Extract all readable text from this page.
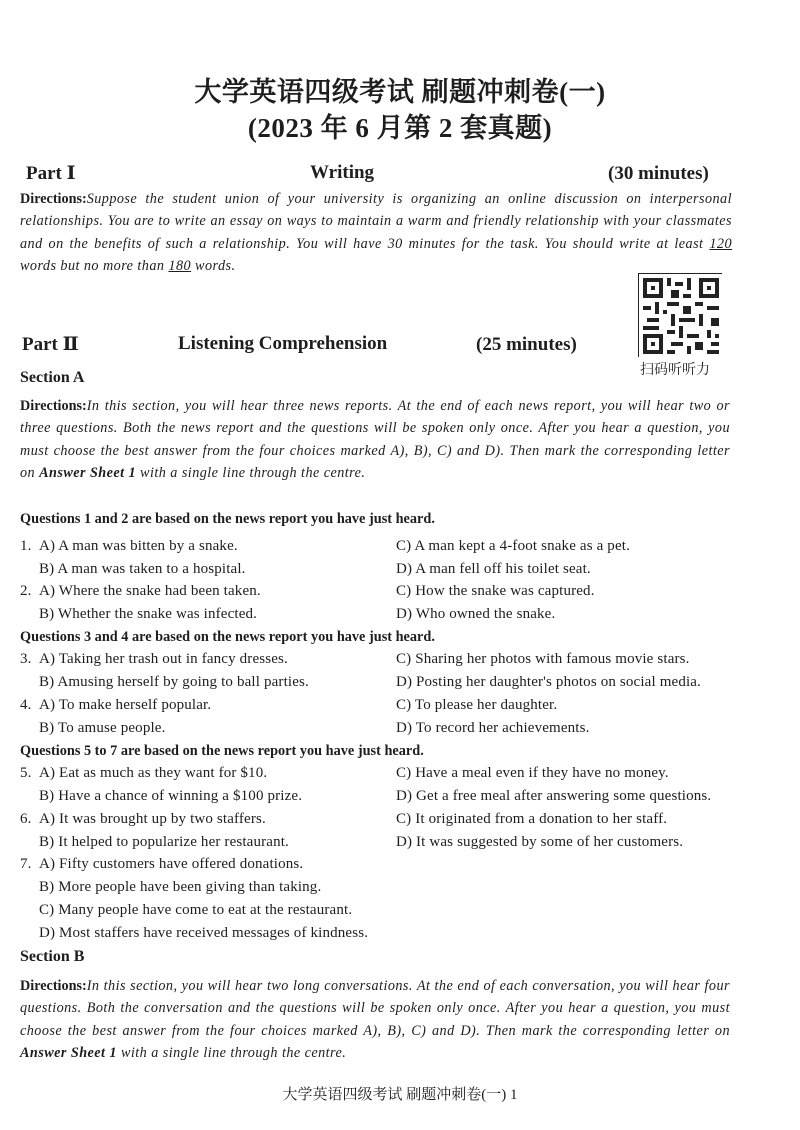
大学英语四级考试 刷题冲刺卷(一)
(2023 年 6 月第 2 套真题)
Part Ⅰ	Writing	(30 minutes)
Directions:Suppose the student union of your university is organizing an online discussion on interpersonal relationships. You are to write an essay on ways to maintain a warm and friendly relationship with your classmates and on the benefits of such a relationship. You will have 30 minutes for the task. You should write at least 120 words but no more than 180 words.
扫码听听力
Part Ⅱ	Listening Comprehension	(25 minutes)
Section A
Directions:In this section, you will hear three news reports. At the end of each news report, you will hear two or three questions. Both the news report and the questions will be spoken only once. After you hear a question, you must choose the best answer from the four choices marked A), B), C) and D). Then mark the corresponding letter on Answer Sheet 1 with a single line through the centre.
Questions 1 and 2 are based on the news report you have just heard.
1. A) A man was bitten by a snake.
B) A man was taken to a hospital.
C) A man kept a 4-foot snake as a pet.
D) A man fell off his toilet seat.
2. A) Where the snake had been taken.
B) Whether the snake was infected.
C) How the snake was captured.
D) Who owned the snake.
Questions 3 and 4 are based on the news report you have just heard.
3. A) Taking her trash out in fancy dresses.
B) Amusing herself by going to ball parties.
C) Sharing her photos with famous movie stars.
D) Posting her daughter's photos on social media.
4. A) To make herself popular.
B) To amuse people.
C) To please her daughter.
D) To record her achievements.
Questions 5 to 7 are based on the news report you have just heard.
5. A) Eat as much as they want for $10.
B) Have a chance of winning a $100 prize.
C) Have a meal even if they have no money.
D) Get a free meal after answering some questions.
6. A) It was brought up by two staffers.
B) It helped to popularize her restaurant.
C) It originated from a donation to her staff.
D) It was suggested by some of her customers.
7. A) Fifty customers have offered donations.
B) More people have been giving than taking.
C) Many people have come to eat at the restaurant.
D) Most staffers have received messages of kindness.
Section B
Directions:In this section, you will hear two long conversations. At the end of each conversation, you will hear four questions. Both the conversation and the questions will be spoken only once. After you hear a question, you must choose the best answer from the four choices marked A), B), C) and D). Then mark the corresponding letter on Answer Sheet 1 with a single line through the centre.
大学英语四级考试 刷题冲刺卷(一) 1
